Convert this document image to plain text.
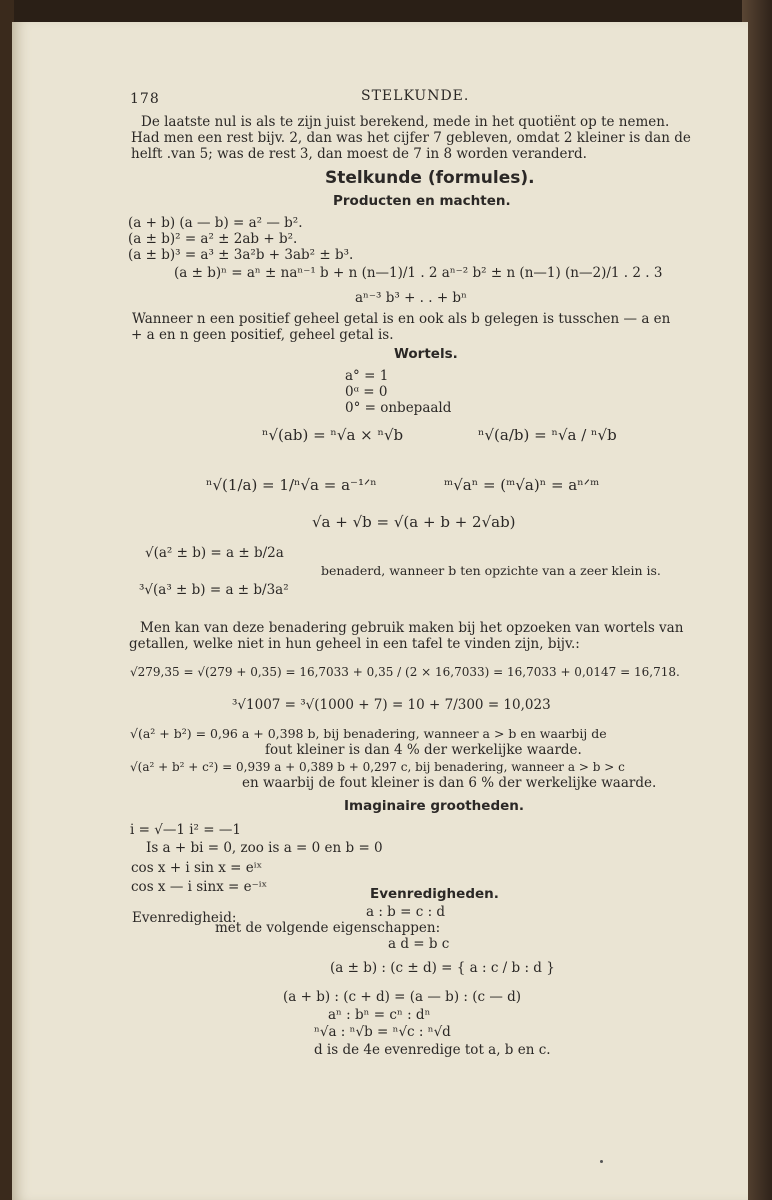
178	STELKUNDE.
De laatste nul is als te zijn juist berekend, mede in het quotiënt op te nemen.
Had men een rest bijv. 2, dan was het cijfer 7 gebleven, omdat 2 kleiner is dan de
helft .van 5; was de rest 3, dan moest de 7 in 8 worden veranderd.
Stelkunde (formules).
Producten en machten.
(a + b) (a — b) = a² — b².
(a ± b)² = a² ± 2ab + b².
(a ± b)³ = a³ ± 3a²b + 3ab² ± b³.
(a ± b)ⁿ = aⁿ ± naⁿ⁻¹ b + n (n—1)/1 . 2 aⁿ⁻² b² ± n (n—1) (n—2)/1 . 2 . 3
aⁿ⁻³ b³ + . . + bⁿ
Wanneer n een positief geheel getal is en ook als b gelegen is tusschen — a en
+ a en n geen positief, geheel getal is.
Wortels.
a° = 1
0ᵅ = 0
0° = onbepaald
ⁿ√(ab) = ⁿ√a × ⁿ√b	ⁿ√(a/b) = ⁿ√a / ⁿ√b
ⁿ√(1/a) = 1/ⁿ√a = a⁻¹ᐟⁿ	ᵐ√aⁿ = (ᵐ√a)ⁿ = aⁿᐟᵐ
√a + √b = √(a + b + 2√ab)
√(a² ± b) = a ± b/2a
³√(a³ ± b) = a ± b/3a²
benaderd, wanneer b ten opzichte van a zeer klein is.
Men kan van deze benadering gebruik maken bij het opzoeken van wortels van
getallen, welke niet in hun geheel in een tafel te vinden zijn, bijv.:
√279,35 = √(279 + 0,35) = 16,7033 + 0,35 / (2 × 16,7033) = 16,7033 + 0,0147 = 16,718.
³√1007 = ³√(1000 + 7) = 10 + 7/300 = 10,023
√(a² + b²) = 0,96 a + 0,398 b, bij benadering, wanneer a > b en waarbij de
fout kleiner is dan 4 % der werkelijke waarde.
√(a² + b² + c²) = 0,939 a + 0,389 b + 0,297 c, bij benadering, wanneer a > b > c
en waarbij de fout kleiner is dan 6 % der werkelijke waarde.
Imaginaire grootheden.
i = √—1 i² = —1
Is a + bi = 0, zoo is a = 0 en b = 0
cos x + i sin x = eⁱˣ
cos x — i sinx = e⁻ⁱˣ	Evenredigheden.
Evenredigheid:	a : b = c : d
met de volgende eigenschappen:
a d = b c
(a ± b) : (c ± d) = { a : c / b : d }
(a + b) : (c + d) = (a — b) : (c — d)
aⁿ : bⁿ = cⁿ : dⁿ
ⁿ√a : ⁿ√b = ⁿ√c : ⁿ√d
d is de 4e evenredige tot a, b en c.
